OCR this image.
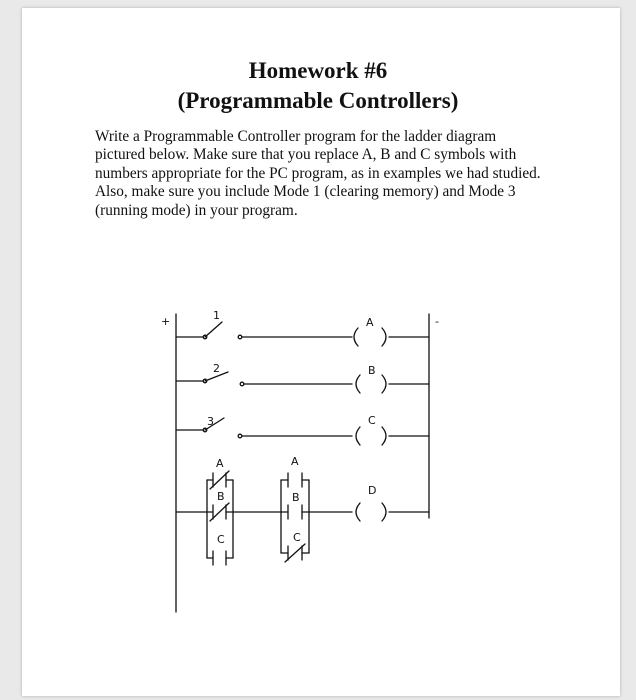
Homework #6
(Programmable Controllers)
Write a Programmable Controller program for the ladder diagram pictured below. Make sure that you replace A, B and C symbols with numbers appropriate for the PC program, as in examples we had studied. Also, make sure you include Mode 1 (clearing memory) and Mode 3 (running mode) in your program.
+	-
1
A
2	B
3	C
D
A
B
C
A
B
C
